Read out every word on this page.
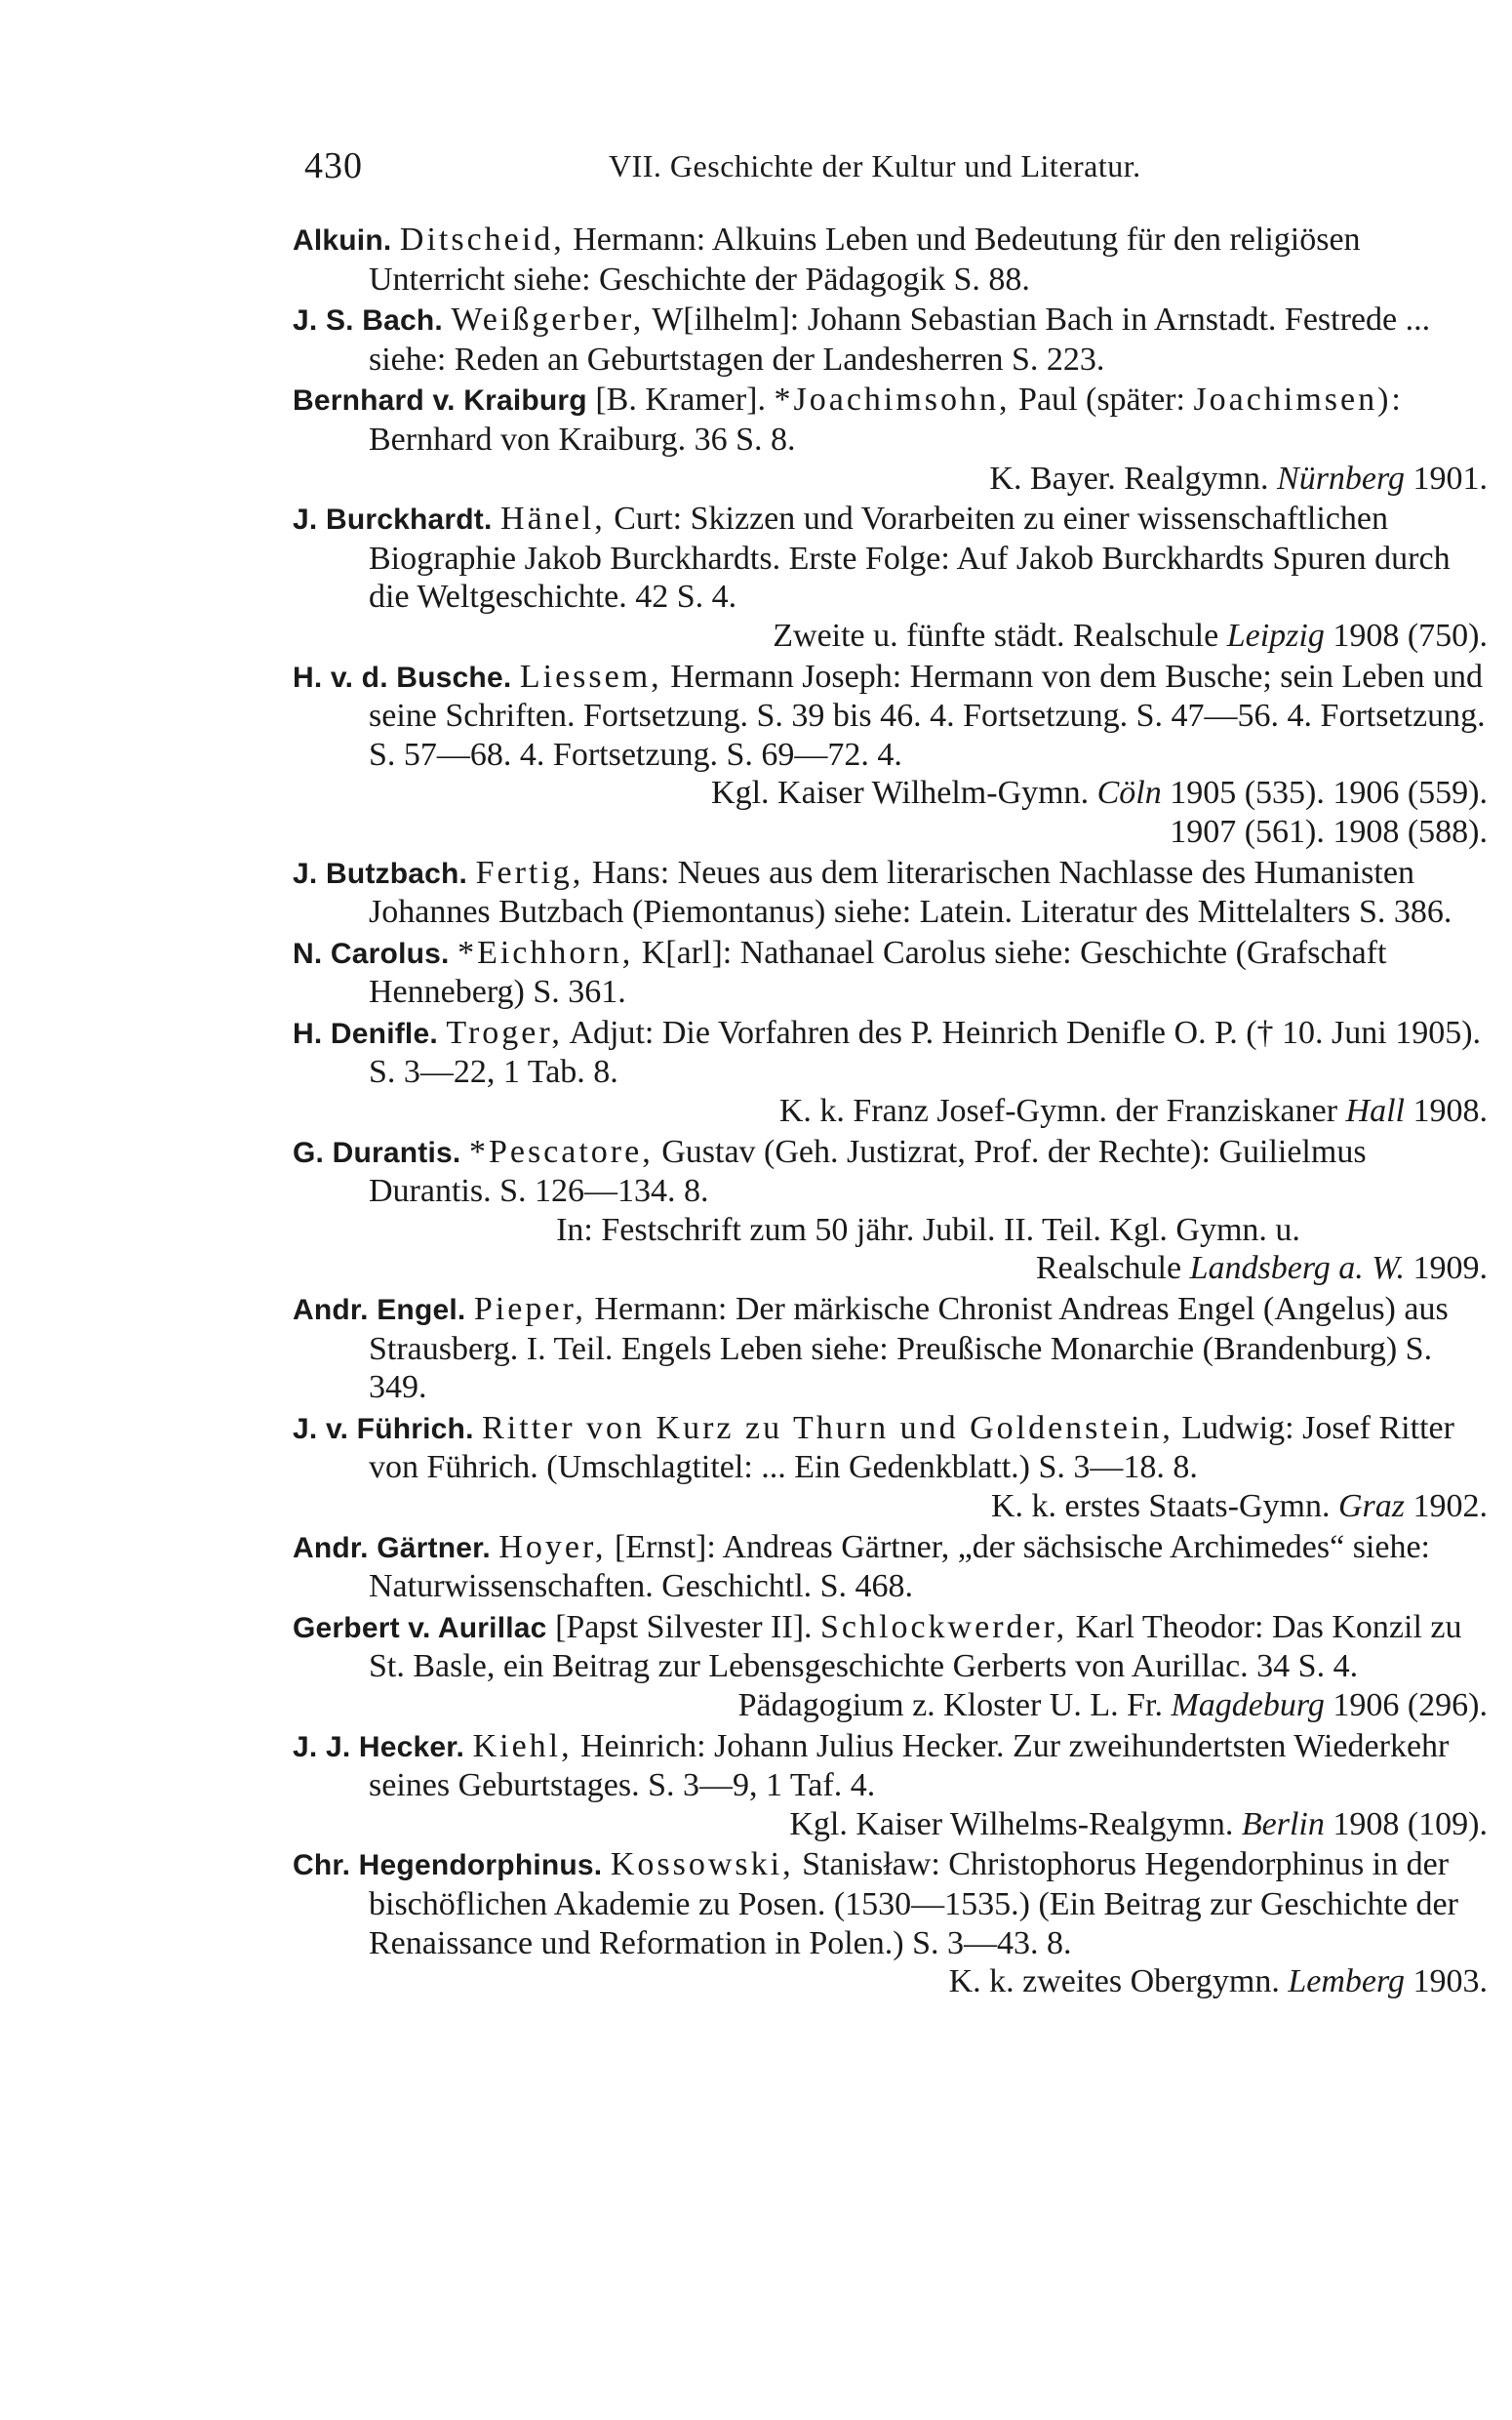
430	VII. Geschichte der Kultur und Literatur.
Alkuin. Ditscheid, Hermann: Alkuins Leben und Bedeutung für den religiösen Unterricht siehe: Geschichte der Pädagogik S. 88.
J. S. Bach. Weißgerber, W[ilhelm]: Johann Sebastian Bach in Arnstadt. Festrede ... siehe: Reden an Geburtstagen der Landesherren S. 223.
Bernhard v. Kraiburg [B. Kramer]. *Joachimsohn, Paul (später: Joachimsen): Bernhard von Kraiburg. 36 S. 8.
K. Bayer. Realgymn. Nürnberg 1901.
J. Burckhardt. Hänel, Curt: Skizzen und Vorarbeiten zu einer wissenschaftlichen Biographie Jakob Burckhardts. Erste Folge: Auf Jakob Burckhardts Spuren durch die Weltgeschichte. 42 S. 4.
Zweite u. fünfte städt. Realschule Leipzig 1908 (750).
H. v. d. Busche. Liessem, Hermann Joseph: Hermann von dem Busche; sein Leben und seine Schriften. Fortsetzung. S. 39 bis 46. 4. Fortsetzung. S. 47—56. 4. Fortsetzung. S. 57—68. 4. Fortsetzung. S. 69—72. 4.
Kgl. Kaiser Wilhelm-Gymn. Cöln 1905 (535). 1906 (559).
1907 (561). 1908 (588).
J. Butzbach. Fertig, Hans: Neues aus dem literarischen Nachlasse des Humanisten Johannes Butzbach (Piemontanus) siehe: Latein. Literatur des Mittelalters S. 386.
N. Carolus. *Eichhorn, K[arl]: Nathanael Carolus siehe: Geschichte (Grafschaft Henneberg) S. 361.
H. Denifle. Troger, Adjut: Die Vorfahren des P. Heinrich Denifle O. P. († 10. Juni 1905). S. 3—22, 1 Tab. 8.
K. k. Franz Josef-Gymn. der Franziskaner Hall 1908.
G. Durantis. *Pescatore, Gustav (Geh. Justizrat, Prof. der Rechte): Guilielmus Durantis. S. 126—134. 8.
In: Festschrift zum 50 jähr. Jubil. II. Teil. Kgl. Gymn. u.
Realschule Landsberg a. W. 1909.
Andr. Engel. Pieper, Hermann: Der märkische Chronist Andreas Engel (Angelus) aus Strausberg. I. Teil. Engels Leben siehe: Preußische Monarchie (Brandenburg) S. 349.
J. v. Führich. Ritter von Kurz zu Thurn und Goldenstein, Ludwig: Josef Ritter von Führich. (Umschlagtitel: ... Ein Gedenkblatt.) S. 3—18. 8.
K. k. erstes Staats-Gymn. Graz 1902.
Andr. Gärtner. Hoyer, [Ernst]: Andreas Gärtner, „der sächsische Archimedes“ siehe: Naturwissenschaften. Geschichtl. S. 468.
Gerbert v. Aurillac [Papst Silvester II]. Schlockwerder, Karl Theodor: Das Konzil zu St. Basle, ein Beitrag zur Lebensgeschichte Gerberts von Aurillac. 34 S. 4.
Pädagogium z. Kloster U. L. Fr. Magdeburg 1906 (296).
J. J. Hecker. Kiehl, Heinrich: Johann Julius Hecker. Zur zweihundertsten Wiederkehr seines Geburtstages. S. 3—9, 1 Taf. 4.
Kgl. Kaiser Wilhelms-Realgymn. Berlin 1908 (109).
Chr. Hegendorphinus. Kossowski, Stanisław: Christophorus Hegendorphinus in der bischöflichen Akademie zu Posen. (1530—1535.) (Ein Beitrag zur Geschichte der Renaissance und Reformation in Polen.) S. 3—43. 8.
K. k. zweites Obergymn. Lemberg 1903.
